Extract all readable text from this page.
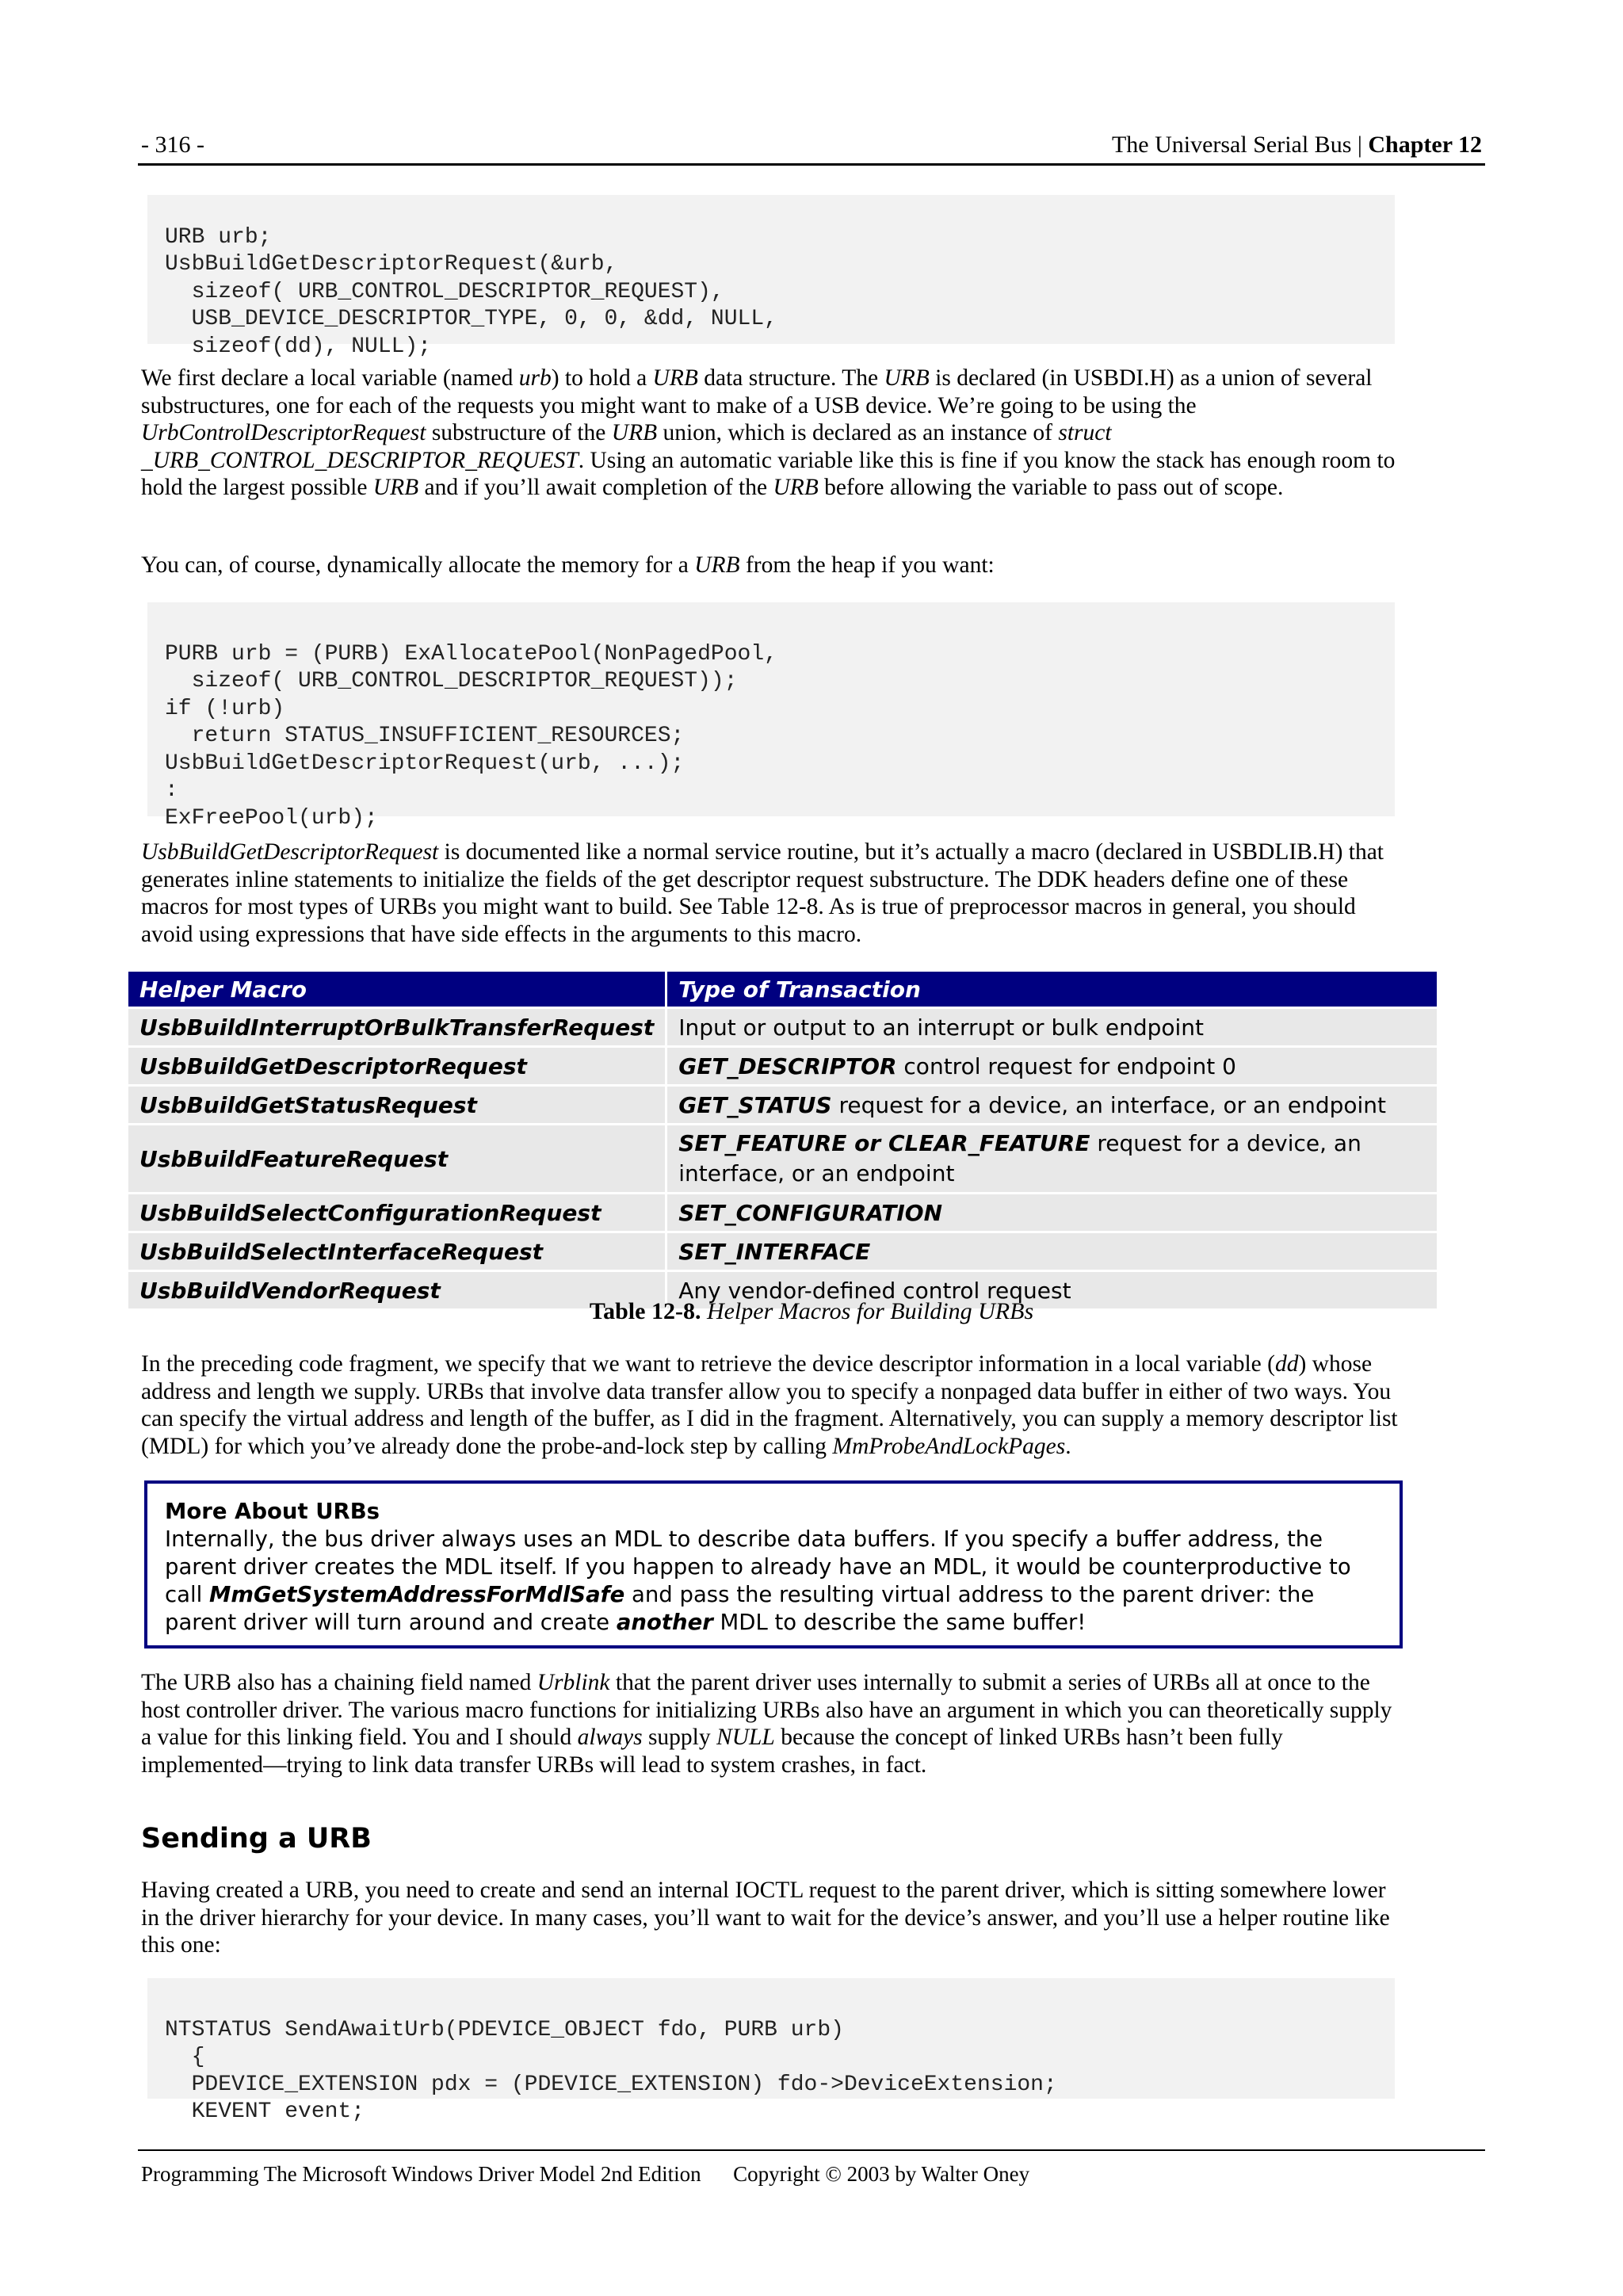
- 316 -	The Universal Serial Bus | Chapter 12

URB urb;
UsbBuildGetDescriptorRequest(&urb,
sizeof( URB_CONTROL_DESCRIPTOR_REQUEST),
USB_DEVICE_DESCRIPTOR_TYPE, 0, 0, &dd, NULL,
sizeof(dd), NULL);
We first declare a local variable (named urb) to hold a URB data structure. The URB is declared (in USBDI.H) as a union of several substructures, one for each of the requests you might want to make of a USB device. We’re going to be using the UrbControlDescriptorRequest substructure of the URB union, which is declared as an instance of struct _URB_CONTROL_DESCRIPTOR_REQUEST. Using an automatic variable like this is fine if you know the stack has enough room to hold the largest possible URB and if you’ll await completion of the URB before allowing the variable to pass out of scope.
You can, of course, dynamically allocate the memory for a URB from the heap if you want:

PURB urb = (PURB) ExAllocatePool(NonPagedPool,
sizeof( URB_CONTROL_DESCRIPTOR_REQUEST));
if (!urb)
return STATUS_INSUFFICIENT_RESOURCES;
UsbBuildGetDescriptorRequest(urb, ...);
:
ExFreePool(urb);
UsbBuildGetDescriptorRequest is documented like a normal service routine, but it’s actually a macro (declared in USBDLIB.H) that generates inline statements to initialize the fields of the get descriptor request substructure. The DDK headers define one of these macros for most types of URBs you might want to build. See Table 12-8. As is true of preprocessor macros in general, you should avoid using expressions that have side effects in the arguments to this macro.
Helper Macro	Type of Transaction
UsbBuildInterruptOrBulkTransferRequest	Input or output to an interrupt or bulk endpoint
UsbBuildGetDescriptorRequest	GET_DESCRIPTOR control request for endpoint 0
UsbBuildGetStatusRequest	GET_STATUS request for a device, an interface, or an endpoint
UsbBuildFeatureRequest	SET_FEATURE or CLEAR_FEATURE request for a device, an interface, or an endpoint
UsbBuildSelectConfigurationRequest	SET_CONFIGURATION
UsbBuildSelectInterfaceRequest	SET_INTERFACE
UsbBuildVendorRequest	Any vendor-defined control request
Table 12-8. Helper Macros for Building URBs
In the preceding code fragment, we specify that we want to retrieve the device descriptor information in a local variable (dd) whose address and length we supply. URBs that involve data transfer allow you to specify a nonpaged data buffer in either of two ways. You can specify the virtual address and length of the buffer, as I did in the fragment. Alternatively, you can supply a memory descriptor list (MDL) for which you’ve already done the probe-and-lock step by calling MmProbeAndLockPages.
More About URBs
Internally, the bus driver always uses an MDL to describe data buffers. If you specify a buffer address, the parent driver creates the MDL itself. If you happen to already have an MDL, it would be counterproductive to call MmGetSystemAddressForMdlSafe and pass the resulting virtual address to the parent driver: the parent driver will turn around and create another MDL to describe the same buffer!
The URB also has a chaining field named Urblink that the parent driver uses internally to submit a series of URBs all at once to the host controller driver. The various macro functions for initializing URBs also have an argument in which you can theoretically supply a value for this linking field. You and I should always supply NULL because the concept of linked URBs hasn’t been fully implemented—trying to link data transfer URBs will lead to system crashes, in fact.
Sending a URB
Having created a URB, you need to create and send an internal IOCTL request to the parent driver, which is sitting somewhere lower in the driver hierarchy for your device. In many cases, you’ll want to wait for the device’s answer, and you’ll use a helper routine like this one:

NTSTATUS SendAwaitUrb(PDEVICE_OBJECT fdo, PURB urb)
{
PDEVICE_EXTENSION pdx = (PDEVICE_EXTENSION) fdo->DeviceExtension;
KEVENT event;
Programming The Microsoft Windows Driver Model 2nd Edition Copyright © 2003 by Walter Oney
